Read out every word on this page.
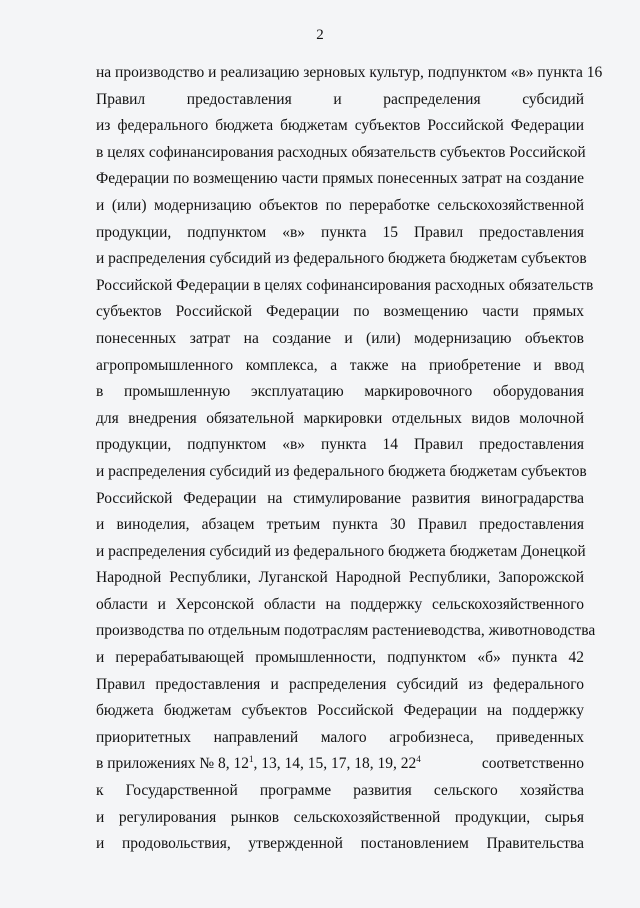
2
на производство и реализацию зерновых культур, подпунктом «в» пункта 16
Правил предоставления и распределения субсидий
из федерального бюджета бюджетам субъектов Российской Федерации
в целях софинансирования расходных обязательств субъектов Российской
Федерации по возмещению части прямых понесенных затрат на создание
и (или) модернизацию объектов по переработке сельскохозяйственной
продукции, подпунктом «в» пункта 15 Правил предоставления
и распределения субсидий из федерального бюджета бюджетам субъектов
Российской Федерации в целях софинансирования расходных обязательств
субъектов Российской Федерации по возмещению части прямых
понесенных затрат на создание и (или) модернизацию объектов
агропромышленного комплекса, а также на приобретение и ввод
в промышленную эксплуатацию маркировочного оборудования
для внедрения обязательной маркировки отдельных видов молочной
продукции, подпунктом «в» пункта 14 Правил предоставления
и распределения субсидий из федерального бюджета бюджетам субъектов
Российской Федерации на стимулирование развития виноградарства
и виноделия, абзацем третьим пункта 30 Правил предоставления
и распределения субсидий из федерального бюджета бюджетам Донецкой
Народной Республики, Луганской Народной Республики, Запорожской
области и Херсонской области на поддержку сельскохозяйственного
производства по отдельным подотраслям растениеводства, животноводства
и перерабатывающей промышленности, подпунктом «б» пункта 42
Правил предоставления и распределения субсидий из федерального
бюджета бюджетам субъектов Российской Федерации на поддержку
приоритетных направлений малого агробизнеса, приведенных
в приложениях № 8, $12^1$, 13, 14, 15, 17, 18, 19, $22^4$	соответственно
к Государственной программе развития сельского хозяйства
и регулирования рынков сельскохозяйственной продукции, сырья
и продовольствия, утвержденной постановлением Правительства
